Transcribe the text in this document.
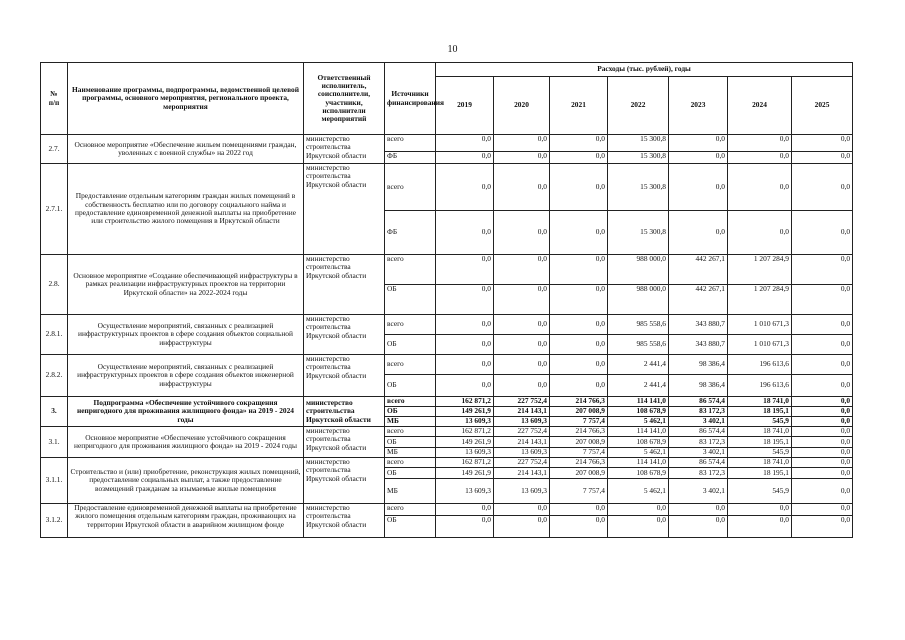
10
№
п/п	Наименование программы, подпрограммы, ведомственной целевой программы, основного мероприятия, регионального проекта, мероприятия	Ответственный исполнитель, соисполнители, участники, исполнители мероприятий	Источники финансирования	Расходы (тыс. рублей), годы						
				2019	2020	2021	2022	2023	2024	2025
2.7.	Основное мероприятие «Обеспечение жильем помещениями граждан, уволенных с военной службы» на 2022 год	министерство строительства Иркутской области	всего	0,0	0,0	0,0	15 300,8	0,0	0,0	0,0
			ФБ	0,0	0,0	0,0	15 300,8	0,0	0,0	0,0
2.7.1.	Предоставление отдельным категориям граждан жилых помещений в собственность бесплатно или по договору социального найма и предоставление единовременной денежной выплаты на приобретение или строительство жилого помещения в Иркутской области	министерство строительства Иркутской области	всего	0,0	0,0	0,0	15 300,8	0,0	0,0	0,0
			ФБ	0,0	0,0	0,0	15 300,8	0,0	0,0	0,0
2.8.	Основное мероприятие «Создание обеспечивающей инфраструктуры в рамках реализации инфраструктурных проектов на территории Иркутской области» на 2022-2024 годы	министерство строительства Иркутской области	всего	0,0	0,0	0,0	988 000,0	442 267,1	1 207 284,9	0,0
			ОБ	0,0	0,0	0,0	988 000,0	442 267,1	1 207 284,9	0,0
2.8.1.	Осуществление мероприятий, связанных с реализацией инфраструктурных проектов в сфере создания объектов социальной инфраструктуры	министерство строительства Иркутской области	всего	0,0	0,0	0,0	985 558,6	343 880,7	1 010 671,3	0,0
			ОБ	0,0	0,0	0,0	985 558,6	343 880,7	1 010 671,3	0,0
2.8.2.	Осуществление мероприятий, связанных с реализацией инфраструктурных проектов в сфере создания объектов инженерной инфраструктуры	министерство строительства Иркутской области	всего	0,0	0,0	0,0	2 441,4	98 386,4	196 613,6	0,0
			ОБ	0,0	0,0	0,0	2 441,4	98 386,4	196 613,6	0,0
3.	Подпрограмма «Обеспечение устойчивого сокращения непригодного для проживания жилищного фонда» на 2019 - 2024 годы	министерство строительства Иркутской области	всего	162 871,2	227 752,4	214 766,3	114 141,0	86 574,4	18 741,0	0,0
			ОБ	149 261,9	214 143,1	207 008,9	108 678,9	83 172,3	18 195,1	0,0
			МБ	13 609,3	13 609,3	7 757,4	5 462,1	3 402,1	545,9	0,0
3.1.	Основное мероприятие «Обеспечение устойчивого сокращения непригодного для проживания жилищного фонда» на 2019 - 2024 годы	министерство строительства Иркутской области	всего	162 871,2	227 752,4	214 766,3	114 141,0	86 574,4	18 741,0	0,0
			ОБ	149 261,9	214 143,1	207 008,9	108 678,9	83 172,3	18 195,1	0,0
			МБ	13 609,3	13 609,3	7 757,4	5 462,1	3 402,1	545,9	0,0
3.1.1.	Строительство и (или) приобретение, реконструкция жилых помещений, предоставление социальных выплат, а также предоставление возмещений гражданам за изымаемые жилые помещения	министерство строительства Иркутской области	всего	162 871,2	227 752,4	214 766,3	114 141,0	86 574,4	18 741,0	0,0
			ОБ	149 261,9	214 143,1	207 008,9	108 678,9	83 172,3	18 195,1	0,0
			МБ	13 609,3	13 609,3	7 757,4	5 462,1	3 402,1	545,9	0,0
3.1.2.	Предоставление единовременной денежной выплаты на приобретение жилого помещения отдельным категориям граждан, проживающих на территории Иркутской области в аварийном жилищном фонде	министерство строительства Иркутской области	всего	0,0	0,0	0,0	0,0	0,0	0,0	0,0
			ОБ	0,0	0,0	0,0	0,0	0,0	0,0	0,0
